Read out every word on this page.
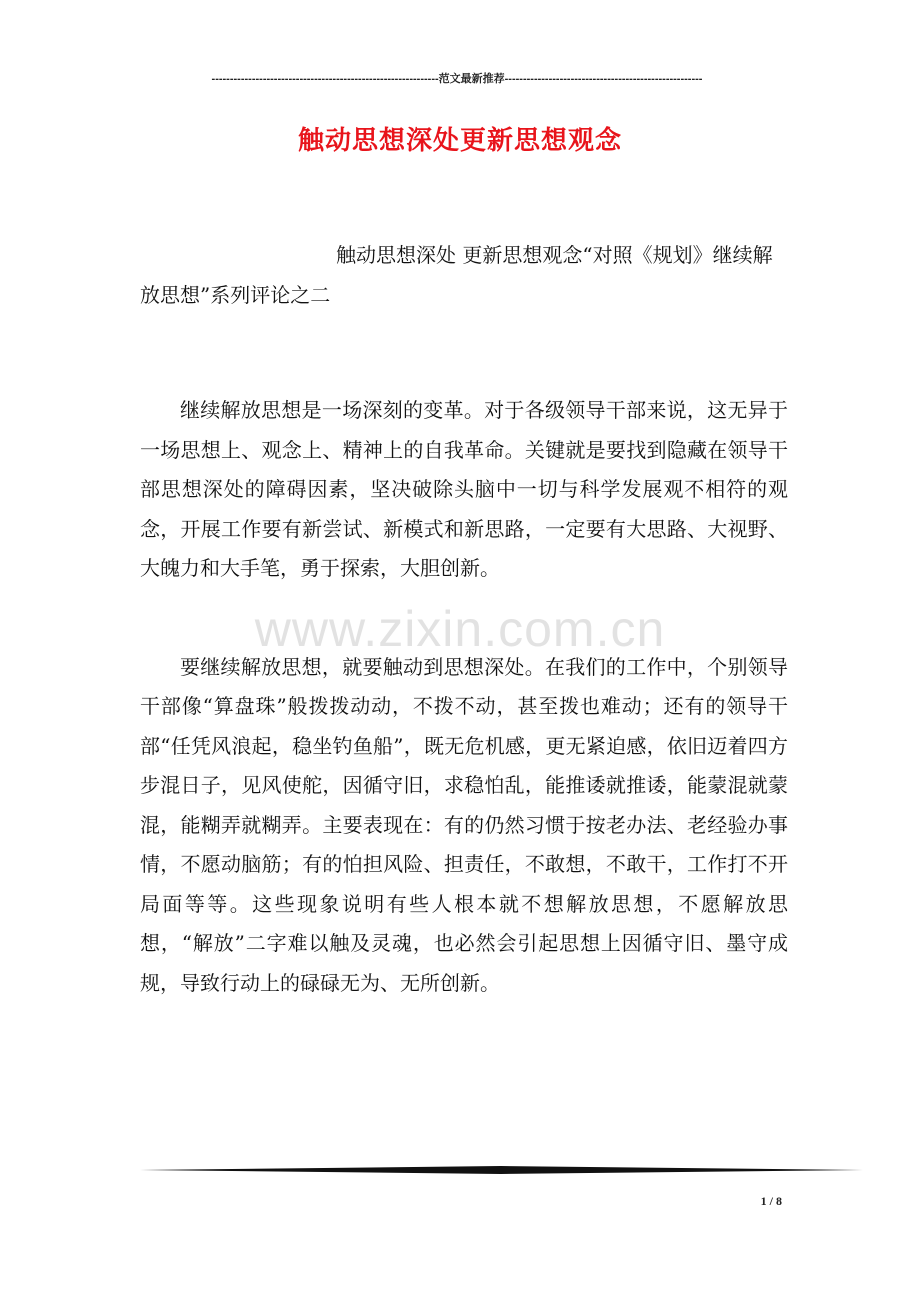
--------------------------------------------------------------范文最新推荐------------------------------------------------------
触动思想深处更新思想观念

触动思想深处 更新思想观念“对照《规划》继续解放思想”系列评论之二

继续解放思想是一场深刻的变革。对于各级领导干部来说，这无异于一场思想上、观念上、精神上的自我革命。关键就是要找到隐藏在领导干部思想深处的障碍因素，坚决破除头脑中一切与科学发展观不相符的观念，开展工作要有新尝试、新模式和新思路，一定要有大思路、大视野、大魄力和大手笔，勇于探索，大胆创新。

要继续解放思想，就要触动到思想深处。在我们的工作中，个别领导干部像“算盘珠”般拨拨动动，不拨不动，甚至拨也难动；还有的领导干部“任凭风浪起，稳坐钓鱼船”，既无危机感，更无紧迫感，依旧迈着四方步混日子，见风使舵，因循守旧，求稳怕乱，能推诿就推诿，能蒙混就蒙混，能糊弄就糊弄。主要表现在：有的仍然习惯于按老办法、老经验办事情，不愿动脑筋；有的怕担风险、担责任，不敢想，不敢干，工作打不开局面等等。这些现象说明有些人根本就不想解放思想，不愿解放思想，“解放”二字难以触及灵魂，也必然会引起思想上因循守旧、墨守成规，导致行动上的碌碌无为、无所创新。

www.zixin.com.cn
1 / 8
